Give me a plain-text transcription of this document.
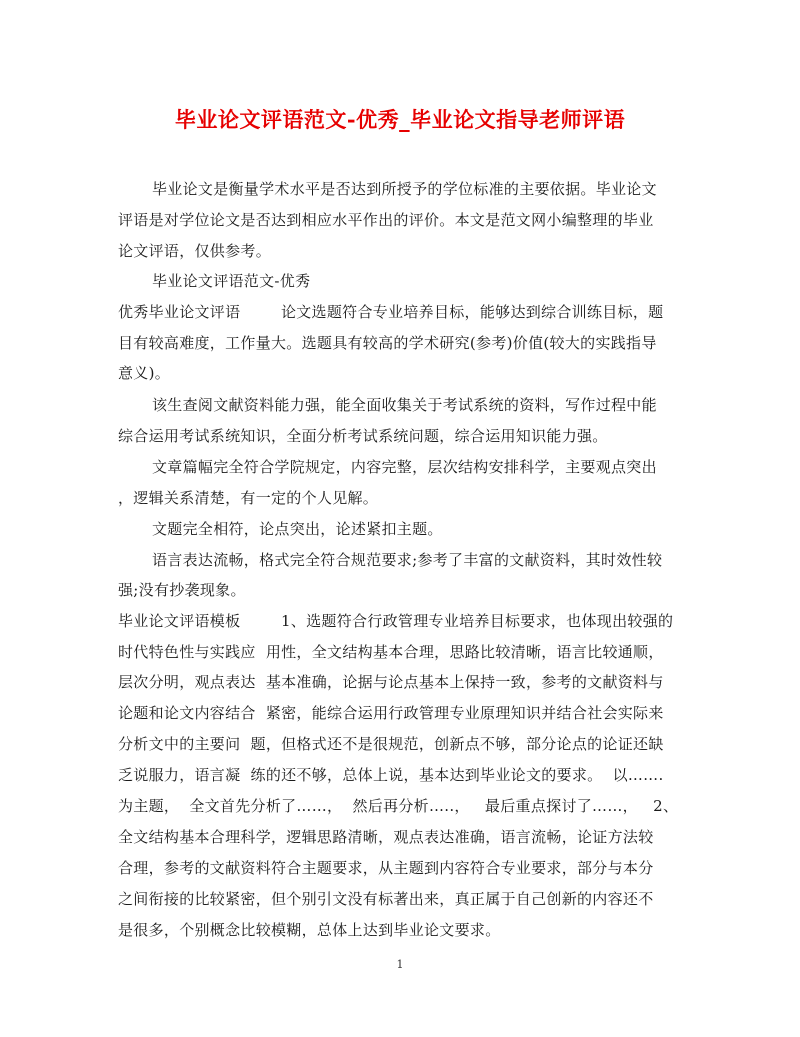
毕业论文评语范文-优秀_毕业论文指导老师评语
毕业论文是衡量学术水平是否达到所授予的学位标准的主要依据。毕业论文
评语是对学位论文是否达到相应水平作出的评价。本文是范文网小编整理的毕业
论文评语，仅供参考。
毕业论文评语范文-优秀
优秀毕业论文评语        论文选题符合专业培养目标，能够达到综合训练目标，题
目有较高难度，工作量大。选题具有较高的学术研究(参考)价值(较大的实践指导
意义)。
该生查阅文献资料能力强，能全面收集关于考试系统的资料，写作过程中能
综合运用考试系统知识，全面分析考试系统问题，综合运用知识能力强。
文章篇幅完全符合学院规定，内容完整，层次结构安排科学，主要观点突出
，逻辑关系清楚，有一定的个人见解。
文题完全相符，论点突出，论述紧扣主题。
语言表达流畅，格式完全符合规范要求;参考了丰富的文献资料，其时效性较
强;没有抄袭现象。
毕业论文评语模板        1、选题符合行政管理专业培养目标要求，也体现出较强的
时代特色性与实践应  用性，全文结构基本合理，思路比较清晰，语言比较通顺，
层次分明，观点表达  基本准确，论据与论点基本上保持一致，参考的文献资料与
论题和论文内容结合  紧密，能综合运用行政管理专业原理知识并结合社会实际来
分析文中的主要问  题，但格式还不是很规范，创新点不够，部分论点的论证还缺
乏说服力，语言凝  练的还不够，总体上说，基本达到毕业论文的要求。  以…….
为主题，  全文首先分析了……，  然后再分析…..，   最后重点探讨了……，   2、
全文结构基本合理科学，逻辑思路清晰，观点表达准确，语言流畅，论证方法较
合理，参考的文献资料符合主题要求，从主题到内容符合专业要求，部分与本分
之间衔接的比较紧密，但个别引文没有标著出来，真正属于自己创新的内容还不
是很多，个别概念比较模糊，总体上达到毕业论文要求。
1
